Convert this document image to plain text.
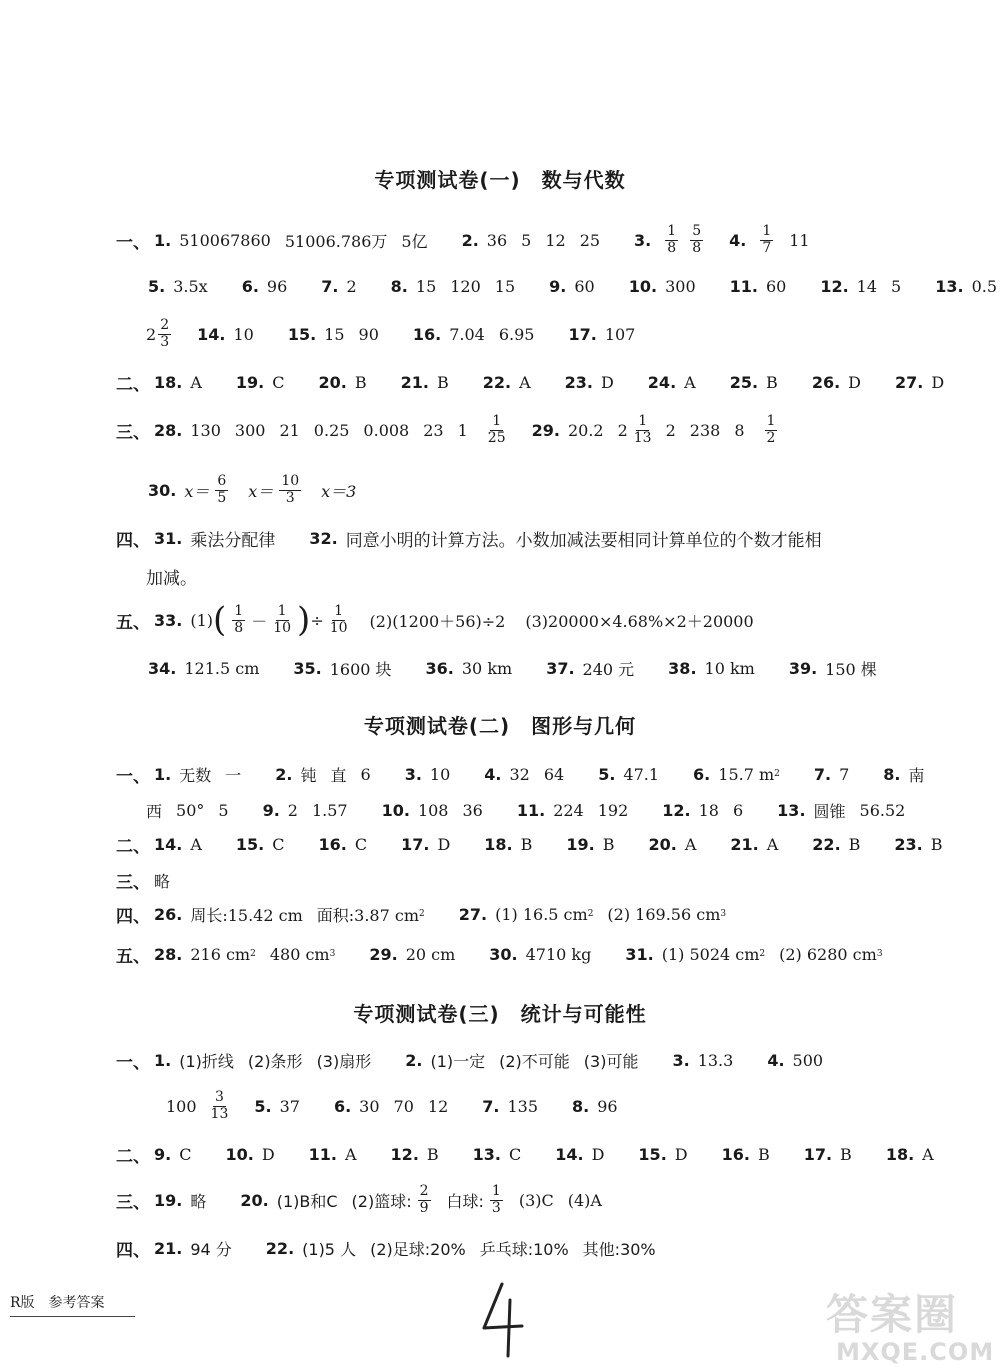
专项测试卷(一)　数与代数
一、 1. 510067860 51006.786万 5亿 2. 36 5 12 25 3. $\frac{1}{8} \frac{5}{8} 4$. $\frac{1}{7} 11$
5. 3.5x 6. 96 7. 2 8. 15 120 15 9. 60 10. 300 11. 60 12. 14 5 13. 0.5
$2 \frac{2}{3} 14$. 10 15. 15 90 16. 7.04 6.95 17. 107
二、 18. A 19. C 20. B 21. B 22. A 23. D 24. A 25. B 26. D 27. D
三、 28. 130 300 21 0.25 0.008 23 $1 \frac{1}{25} 29$. 20.2 $2 \frac{1}{13} 2$ 238 $8 \frac{1}{2}$
30. $x= \frac{6}{5} x= \frac{10}{3} x=3$
四、 31. 乘法分配律 32. 同意小明的计算方法。小数加减法要相同计算单位的个数才能相
加减。
五、 33. (1) ( $\frac{1}{8} - \frac{1}{10}$ ) ÷ $\frac{1}{10} (2)(1200+56)\div 2$ (3)20000×4.68%×2＋20000
34. 121.5 cm 35. 1600 块 36. 30 km 37. 240 元 38. 10 km 39. 150 棵
专项测试卷(二)　图形与几何
一、 1. 无数 一 2. 钝 直 6 3. 10 4. 32 64 5. 47.1 6. 15.7 m 2 7. 7 8. 南
西 50° 5 9. 2 1.57 10. 108 36 11. 224 192 12. 18 6 13. 圆锥 56.52
二、 14. A 15. C 16. C 17. D 18. B 19. B 20. A 21. A 22. B 23. B
三、 略
四、 26. 周长:15.42 cm 面积:3.87 cm 2 27. (1) 16.5 cm 2 (2) 169.56 cm 3
五、 28. 216 cm 2 480 cm 3 29. 20 cm 30. 4710 kg 31. (1) 5024 cm 2 (2) 6280 cm 3
专项测试卷(三)　统计与可能性
一、 1. (1)折线 (2)条形 (3)扇形 2. (1)一定 (2)不可能 (3)可能 3. 13.3 4. 500
$100 \frac{3}{13} 5$. 37 6. 30 70 12 7. 135 8. 96
二、 9. C 10. D 11. A 12. B 13. C 14. D 15. D 16. B 17. B 18. A
三、 19. 略 20. (1)B和C (2)篮球: $\frac{2}{9}$ 白球: $\frac{1}{3} (3)C$ (4)A
四、 21. 94 分 22. (1)5 人 (2)足球:20% 乒乓球:10% 其他:30%
R版　参考答案	答案圈
MXQE.COM
